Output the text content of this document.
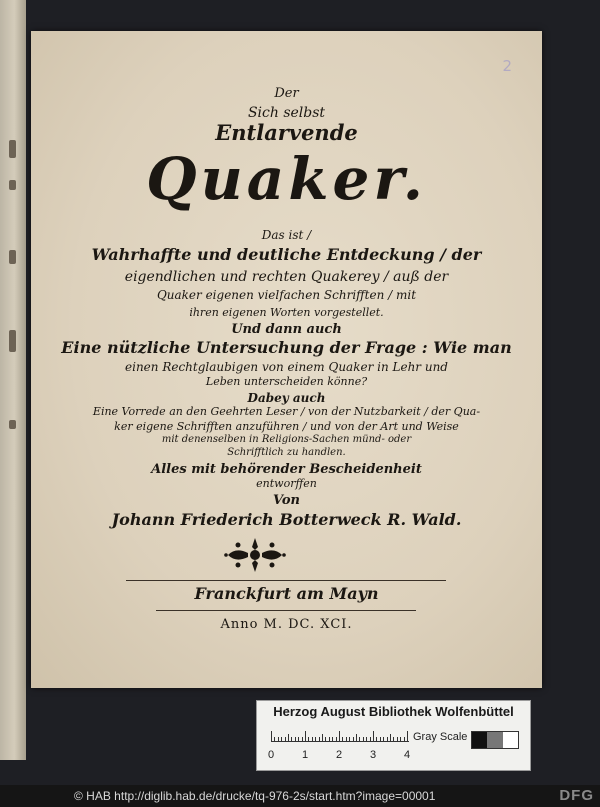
2
Der
Sich selbst
Entlarvende
Quaker.
Das ist /
Wahrhaffte und deutliche Entdeckung / der
eigendlichen und rechten Quakerey / auß der
Quaker eigenen vielfachen Schrifften / mit
ihren eigenen Worten vorgestellet.
Und dann auch
Eine nützliche Untersuchung der Frage : Wie man
einen Rechtglaubigen von einem Quaker in Lehr und
Leben unterscheiden könne?
Dabey auch
Eine Vorrede an den Geehrten Leser / von der Nutzbarkeit / der Qua-
ker eigene Schrifften anzuführen / und von der Art und Weise
mit denenselben in Religions-Sachen münd- oder
Schrifftlich zu handlen.
Alles mit behörender Bescheidenheit
entworffen
Von
Johann Friederich Botterweck R. Wald.
Franckfurt am Mayn
Anno M. DC. XCI.
Herzog August Bibliothek Wolfenbüttel
0	1	2	3	4
Gray Scale
© HAB http://diglib.hab.de/drucke/tq-976-2s/start.htm?image=00001	DFG
